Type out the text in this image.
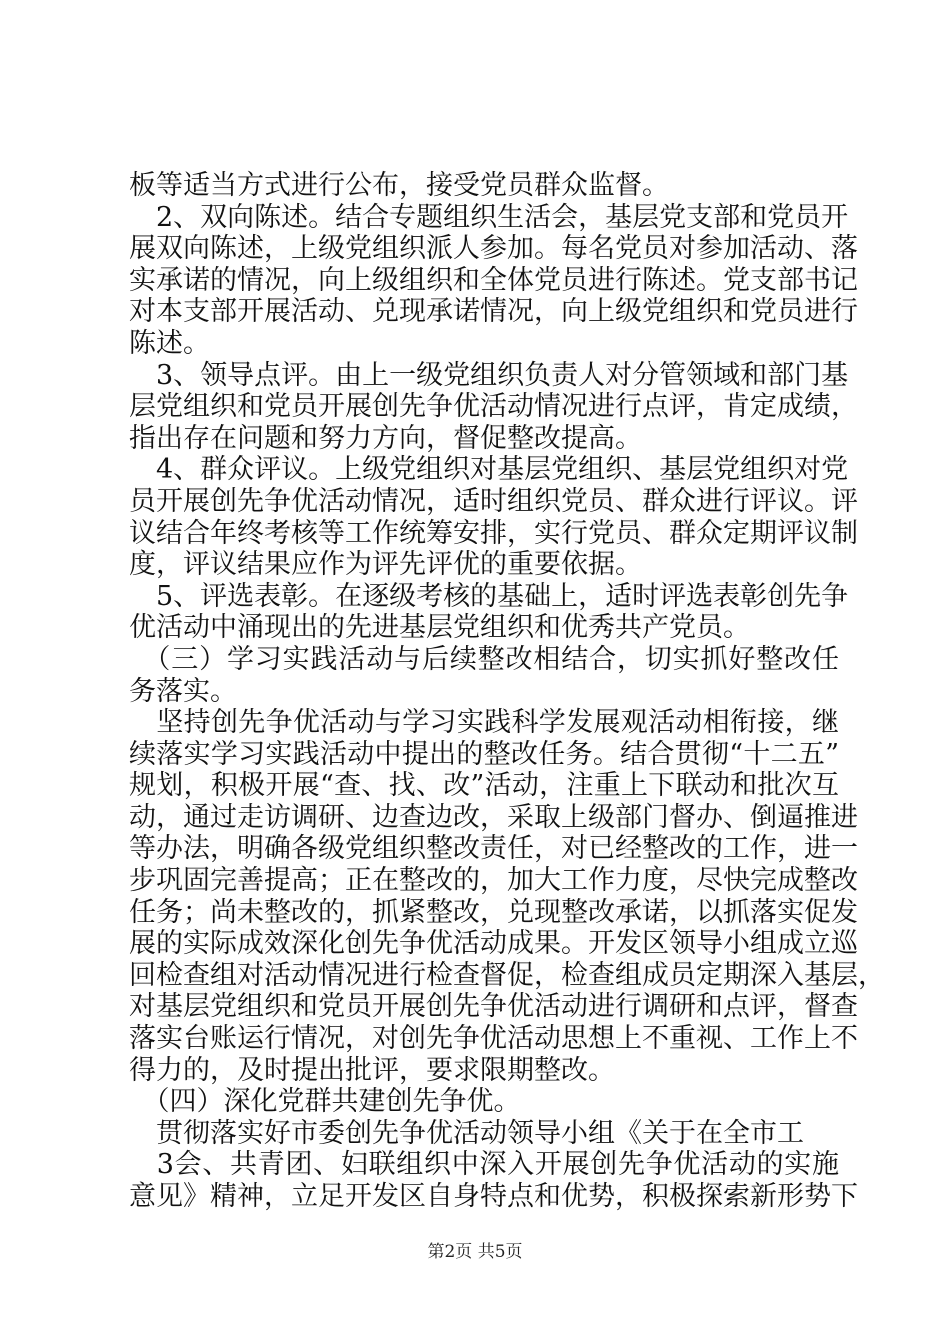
板等适当方式进行公布，接受党员群众监督。
　2、双向陈述。结合专题组织生活会，基层党支部和党员开
展双向陈述，上级党组织派人参加。每名党员对参加活动、落
实承诺的情况，向上级组织和全体党员进行陈述。党支部书记
对本支部开展活动、兑现承诺情况，向上级党组织和党员进行
陈述。
　3、领导点评。由上一级党组织负责人对分管领域和部门基
层党组织和党员开展创先争优活动情况进行点评，肯定成绩，
指出存在问题和努力方向，督促整改提高。
　4、群众评议。上级党组织对基层党组织、基层党组织对党
员开展创先争优活动情况，适时组织党员、群众进行评议。评
议结合年终考核等工作统筹安排，实行党员、群众定期评议制
度，评议结果应作为评先评优的重要依据。
　5、评选表彰。在逐级考核的基础上，适时评选表彰创先争
优活动中涌现出的先进基层党组织和优秀共产党员。
　（三）学习实践活动与后续整改相结合，切实抓好整改任
务落实。
　坚持创先争优活动与学习实践科学发展观活动相衔接，继
续落实学习实践活动中提出的整改任务。结合贯彻“十二五”
规划，积极开展“查、找、改”活动，注重上下联动和批次互
动，通过走访调研、边查边改，采取上级部门督办、倒逼推进
等办法，明确各级党组织整改责任，对已经整改的工作，进一
步巩固完善提高；正在整改的，加大工作力度，尽快完成整改
任务；尚未整改的，抓紧整改，兑现整改承诺，以抓落实促发
展的实际成效深化创先争优活动成果。开发区领导小组成立巡
回检查组对活动情况进行检查督促，检查组成员定期深入基层，
对基层党组织和党员开展创先争优活动进行调研和点评，督查
落实台账运行情况，对创先争优活动思想上不重视、工作上不
得力的，及时提出批评，要求限期整改。
　（四）深化党群共建创先争优。
　贯彻落实好市委创先争优活动领导小组《关于在全市工
　3会、共青团、妇联组织中深入开展创先争优活动的实施
意见》精神，立足开发区自身特点和优势，积极探索新形势下
第2页 共5页
